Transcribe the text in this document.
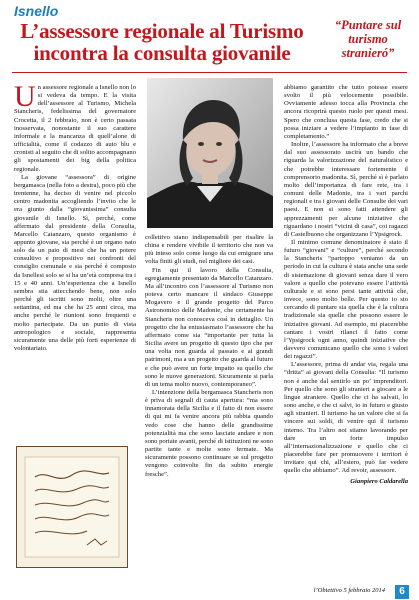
Isnello
L’assessore regionale al Turismo incontra la consulta giovanile
“Puntare sul turismo stranieró”

Un assessore regionale a Isnello non lo si vedeva da tempo. E la visita dell’assessore al Turismo, Michela Stancheris, fedelissima del governatore Crocetta, il 2 febbraio, non è certo passata inosservata, nonostante il suo carattere informale e la mancanza di quell’alone di ufficialità, come il codazzo di auto blu e cronisti al seguito che di solito accompagnano gli spostamenti dei big della politica regionale.

La giovane “assessora” di origine bergamasca (nella foto a destra), poco più che trentenne, ha deciso di venire nel piccolo centro madonita accogliendo l’invito che le era giunto dalla “giovanissima” consulta giovanile di Isnello. Sì, perché, come affermato dal presidente della Consulta, Marcello Catanzaro, questo organismo è appunto giovane, sia perché è un organo nato solo da un paio di mesi che ha un potere consultivo e propositivo nei confronti del consiglio comunale e sia perché è composto da Isnellesi solo se si ha un’età compresa tra i 15 e 40 anni. Un’esperienza che a Isnello sembra stia attecchendo bene, non solo perché gli iscritti sono molti, oltre una settantina, ed ma che ha 25 anni circa, ma anche perché le riunioni sono frequenti e molto partecipate. Da un punto di vista antropologico e sociale, rappresenta sicuramente una delle più forti esperienze di volontariato.

collettivo siano indispensabili per risalire la china e rendere vivibile il territorio che non va più inteso solo come luogo da cui emigrare una volta finiti gli studi, nel migliore dei casi.

Fin qui il lavoro della Consulta, egregiamente presentato da Marcello Catanzaro. Ma all’incontro con l’assessore al Turismo non poteva certo mancare il sindaco Giuseppe Mogavero e il grande progetto del Parco Astronomico delle Madonie, che certamente ha Stancheris non conosceva così in dettaglio. Un progetto che ha entusiasmato l’assessore che ha affermato come sia “importante per tutta la Sicilia avere un progetto di questo tipo che per una volta non guarda al passato e ai grandi patrimoni, ma a un progetto che guarda al futuro e che può avere un forte impatto su quello che sono le nuove generazioni. Sicuramente si parla di un tema molto nuovo, contemporaneo”.

L’intenzione della bergamasca Stancheris non è priva di segnali di cauta apertura: “ma sono innamorata della Sicilia e il fatto di non essere di qui mi fa venire ancora più rabbia quando vedo cose che hanno delle grandissime potenzialità ma che sono lasciate andare e non sono portate avanti, perché di istituzioni ne sono partite tante e molte sono fermate. Ma sicuramente possono continuare se sul progetto vengono coinvolte fin da subito energie fresche”.

abbiamo garantito che tutto potesse essere svolto il più velocemente possibile. Ovviamente adesso tocca alla Provincia che ancora ricoprirà questo ruolo per questi mesi. Spero che conclusa questa fase, credo che si possa iniziare a vedere l’impianto in fase di completamento.”

Inoltre, l’assessore ha informato che a breve dal suo assessorato uscirà un bando che riguarda la valorizzazione del naturalistico e che potrebbe interessare fortemente il comprensorio madonita. Sì, perché sì è parlato molto dell’importanza di fare rete, tra i comuni delle Madonie, tra i vari parchi regionali e tra i giovani delle Consulte dei vari paesi. E non si sono fatti attendere gli apprezzamenti per alcune iniziative che riguardano i nostri “vicini di casa”, coi ragazzi di Castelbuono che organizzano l’Ypsigrock.

Il minimo comune denominatore è stato il futuro “giovani” e “culture”, perché secondo la Stancheris “partoppo veniamo da un periodo in cui la cultura è stata anche una sede di sistemazione di giovani senza dare il vero valore a quello che potevano essere l’attività culturale e si sono persi tante attività che, invece, sono molto belle. Per questo io sto cercando di puntare sia quella che è la cultura tradizionale sia quelle che possono essere le iniziative giovani. Ad esempio, mi piacerebbe cantare i vostri rilanci il fatto come l’Ypsigrock ogni anno, quindi iniziative che davvero comunicano quello che sono i valori dei ragazzi”.

L’assessore, prima di andar via, regala una “dritta” ai giovani della Consulta: “Il turismo non è anche dal sentirlo un po’ imprenditori. Per quello che sono gli stranieri a giocare a le lingue straniere. Quello che ci ha salvati, lo sono anche, e che ci salvi, io in futuro e giusto agli stranieri. Il turismo ha un valore che si fa vincere sui soldi, di venire qui il turismo interno. Tra l’altro noi stiamo lavorando per dare un forte impulso all’internazionalizzazione e quello che ci piacerebbe fare per promuovere i territori è invitare qui chi, all’estero, può far vedere quello che abbiamo”. Ad revoir, assessore.

Gianpiero Caldarella

l’Obiettivo 5 febbraio 2014	6
